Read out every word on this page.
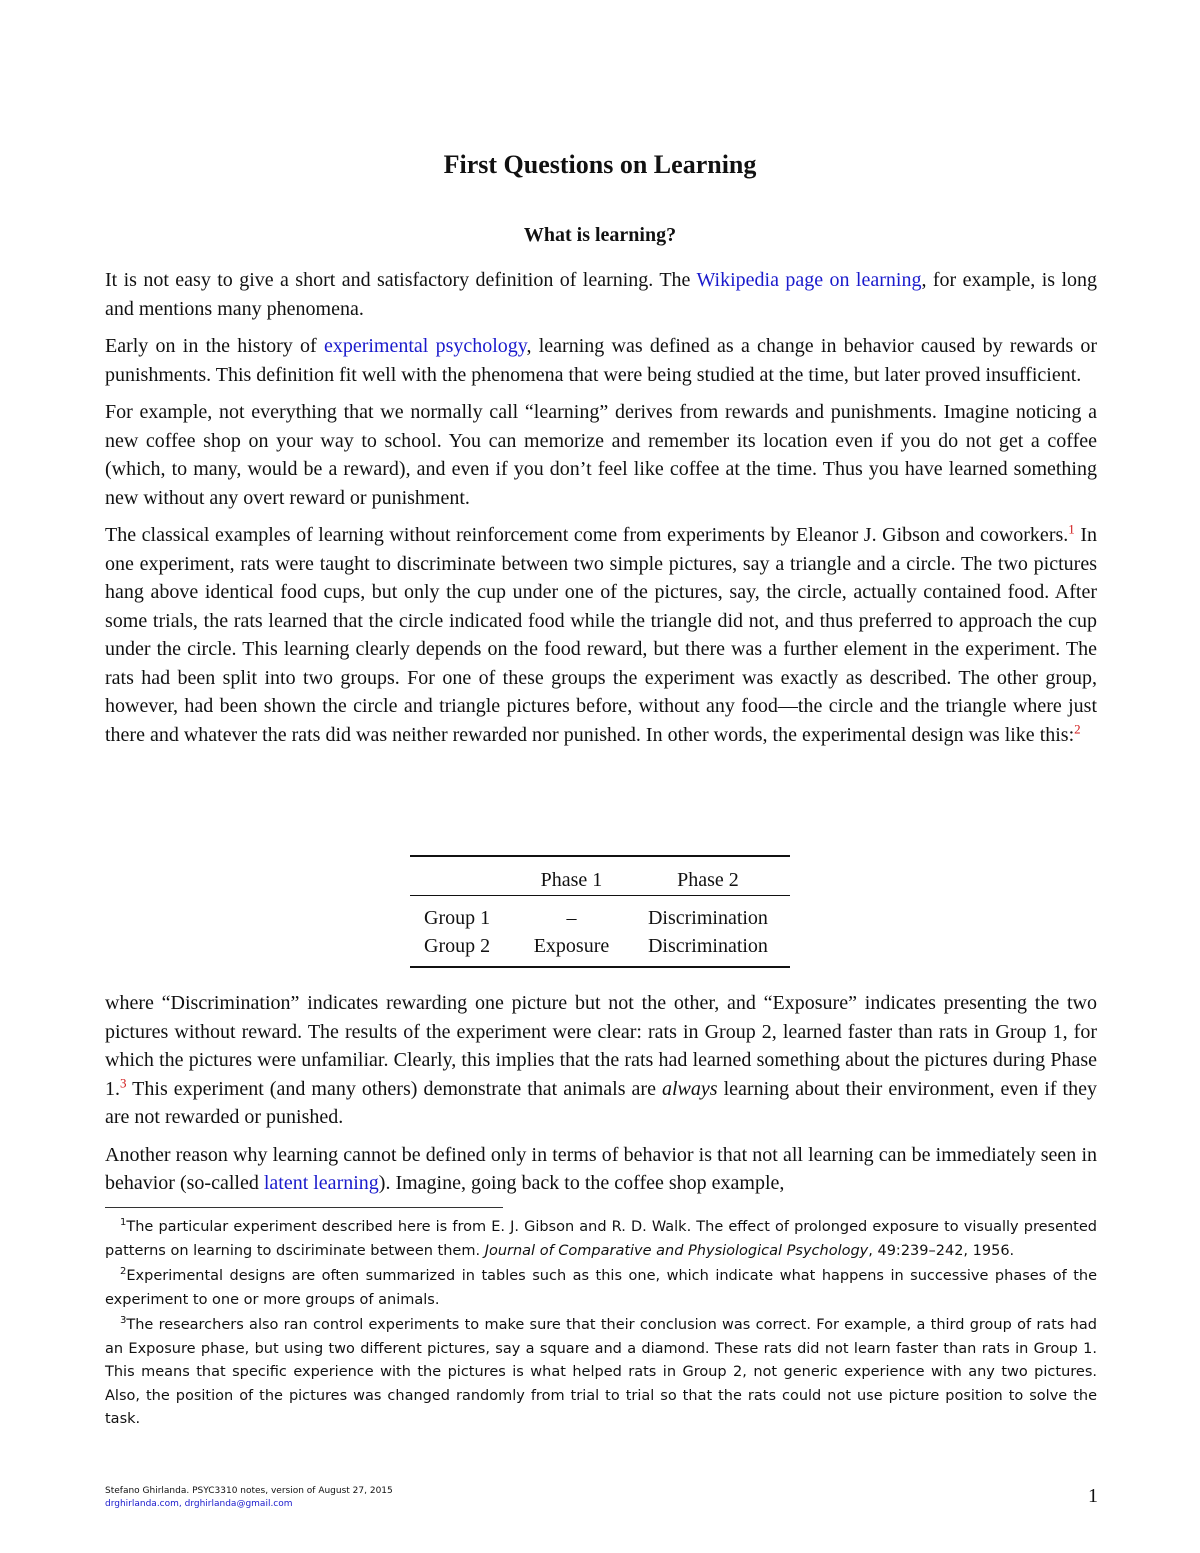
First Questions on Learning
What is learning?

It is not easy to give a short and satisfactory definition of learning. The Wikipedia page on learning, for example, is long and mentions many phenomena.

Early on in the history of experimental psychology, learning was defined as a change in behavior caused by rewards or punishments. This definition fit well with the phenomena that were being studied at the time, but later proved insufficient.

For example, not everything that we normally call “learning” derives from rewards and punishments. Imagine noticing a new coffee shop on your way to school. You can memorize and remember its location even if you do not get a coffee (which, to many, would be a reward), and even if you don’t feel like coffee at the time. Thus you have learned something new without any overt reward or punishment.

The classical examples of learning without reinforcement come from experiments by Eleanor J. Gibson and coworkers.$^1$ In one experiment, rats were taught to discriminate between two simple pictures, say a triangle and a circle. The two pictures hang above identical food cups, but only the cup under one of the pictures, say, the circle, actually contained food. After some trials, the rats learned that the circle indicated food while the triangle did not, and thus preferred to approach the cup under the circle. This learning clearly depends on the food reward, but there was a further element in the experiment. The rats had been split into two groups. For one of these groups the experiment was exactly as described. The other group, however, had been shown the circle and triangle pictures before, without any food—the circle and the triangle where just there and whatever the rats did was neither rewarded nor punished. In other words, the experimental design was like this:$^2$

	Phase 1	Phase 2
Group 1	–	Discrimination
Group 2	Exposure	Discrimination

where “Discrimination” indicates rewarding one picture but not the other, and “Exposure” indicates presenting the two pictures without reward. The results of the experiment were clear: rats in Group 2, learned faster than rats in Group 1, for which the pictures were unfamiliar. Clearly, this implies that the rats had learned something about the pictures during Phase 1.$^3$ This experiment (and many others) demonstrate that animals are always learning about their environment, even if they are not rewarded or punished.

Another reason why learning cannot be defined only in terms of behavior is that not all learning can be immediately seen in behavior (so-called latent learning). Imagine, going back to the coffee shop example,

$^1$The particular experiment described here is from E. J. Gibson and R. D. Walk. The effect of prolonged exposure to visually presented patterns on learning to dsciriminate between them. Journal of Comparative and Physiological Psychology, 49:239–242, 1956.

$^2$Experimental designs are often summarized in tables such as this one, which indicate what happens in successive phases of the experiment to one or more groups of animals.

$^3$The researchers also ran control experiments to make sure that their conclusion was correct. For example, a third group of rats had an Exposure phase, but using two different pictures, say a square and a diamond. These rats did not learn faster than rats in Group 1. This means that specific experience with the pictures is what helped rats in Group 2, not generic experience with any two pictures. Also, the position of the pictures was changed randomly from trial to trial so that the rats could not use picture position to solve the task.

Stefano Ghirlanda. PSYC3310 notes, version of August 27, 2015
drghirlanda.com, drghirlanda@gmail.com	1
